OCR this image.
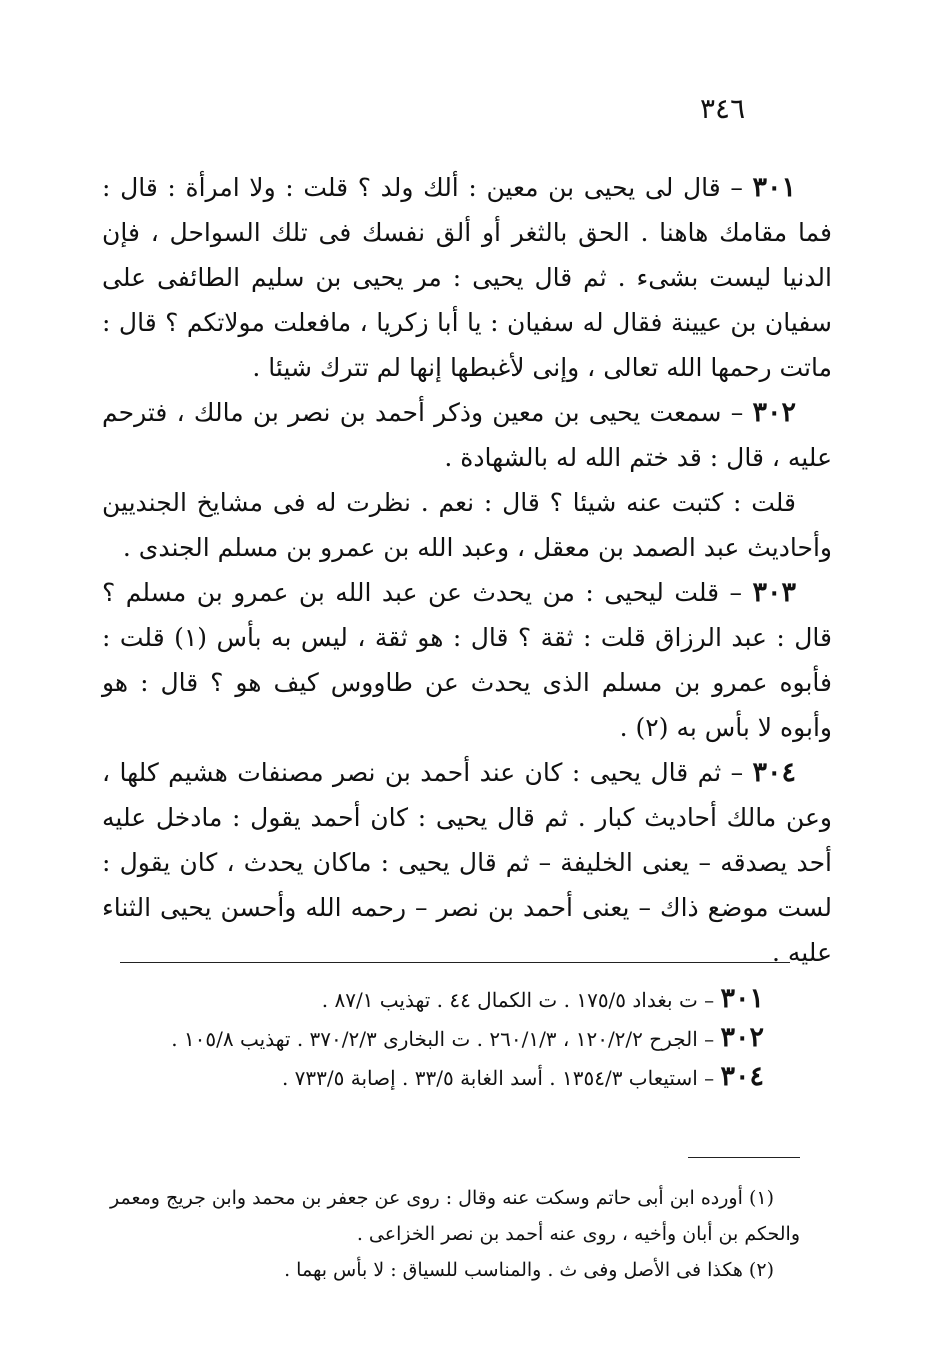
٣٤٦

٣٠١ – قال لى يحيى بن معين : ألك ولد ؟ قلت : ولا امرأة : قال : فما مقامك هاهنا . الحق بالثغر أو ألق نفسك فى تلك السواحل ، فإن الدنيا ليست بشىء . ثم قال يحيى : مر يحيى بن سليم الطائفى على سفيان بن عيينة فقال له سفيان : يا أبا زكريا ، مافعلت مولاتكم ؟ قال : ماتت رحمها الله تعالى ، وإنى لأغبطها إنها لم تترك شيئا .

٣٠٢ – سمعت يحيى بن معين وذكر أحمد بن نصر بن مالك ، فترحم عليه ، قال : قد ختم الله له بالشهادة .

قلت : كتبت عنه شيئا ؟ قال : نعم . نظرت له فى مشايخ الجنديين وأحاديث عبد الصمد بن معقل ، وعبد الله بن عمرو بن مسلم الجندى .

٣٠٣ – قلت ليحيى : من يحدث عن عبد الله بن عمرو بن مسلم ؟ قال : عبد الرزاق قلت : ثقة ؟ قال : هو ثقة ، ليس به بأس (١) قلت : فأبوه عمرو بن مسلم الذى يحدث عن طاووس كيف هو ؟ قال : هو وأبوه لا بأس به (٢) .

٣٠٤ – ثم قال يحيى : كان عند أحمد بن نصر مصنفات هشيم كلها ، وعن مالك أحاديث كبار . ثم قال يحيى : كان أحمد يقول : مادخل عليه أحد يصدقه – يعنى الخليفة – ثم قال يحيى : ماكان يحدث ، كان يقول : لست موضع ذاك – يعنى أحمد بن نصر – رحمه الله وأحسن يحيى الثناء عليه .

٣٠١ – ت بغداد ١٧٥/٥ . ت الكمال ٤٤ . تهذيب ٨٧/١ .

٣٠٢ – الجرح ١٢٠/٢/٢ ، ٢٦٠/١/٣ . ت البخارى ٣٧٠/٢/٣ . تهذيب ١٠٥/٨ .

٣٠٤ – استيعاب ١٣٥٤/٣ . أسد الغابة ٣٣/٥ . إصابة ٧٣٣/٥ .

(١) أورده ابن أبى حاتم وسكت عنه وقال : روى عن جعفر بن محمد وابن جريج ومعمر والحكم بن أبان وأخيه ، روى عنه أحمد بن نصر الخزاعى .

(٢) هكذا فى الأصل وفى ث . والمناسب للسياق : لا بأس بهما .
